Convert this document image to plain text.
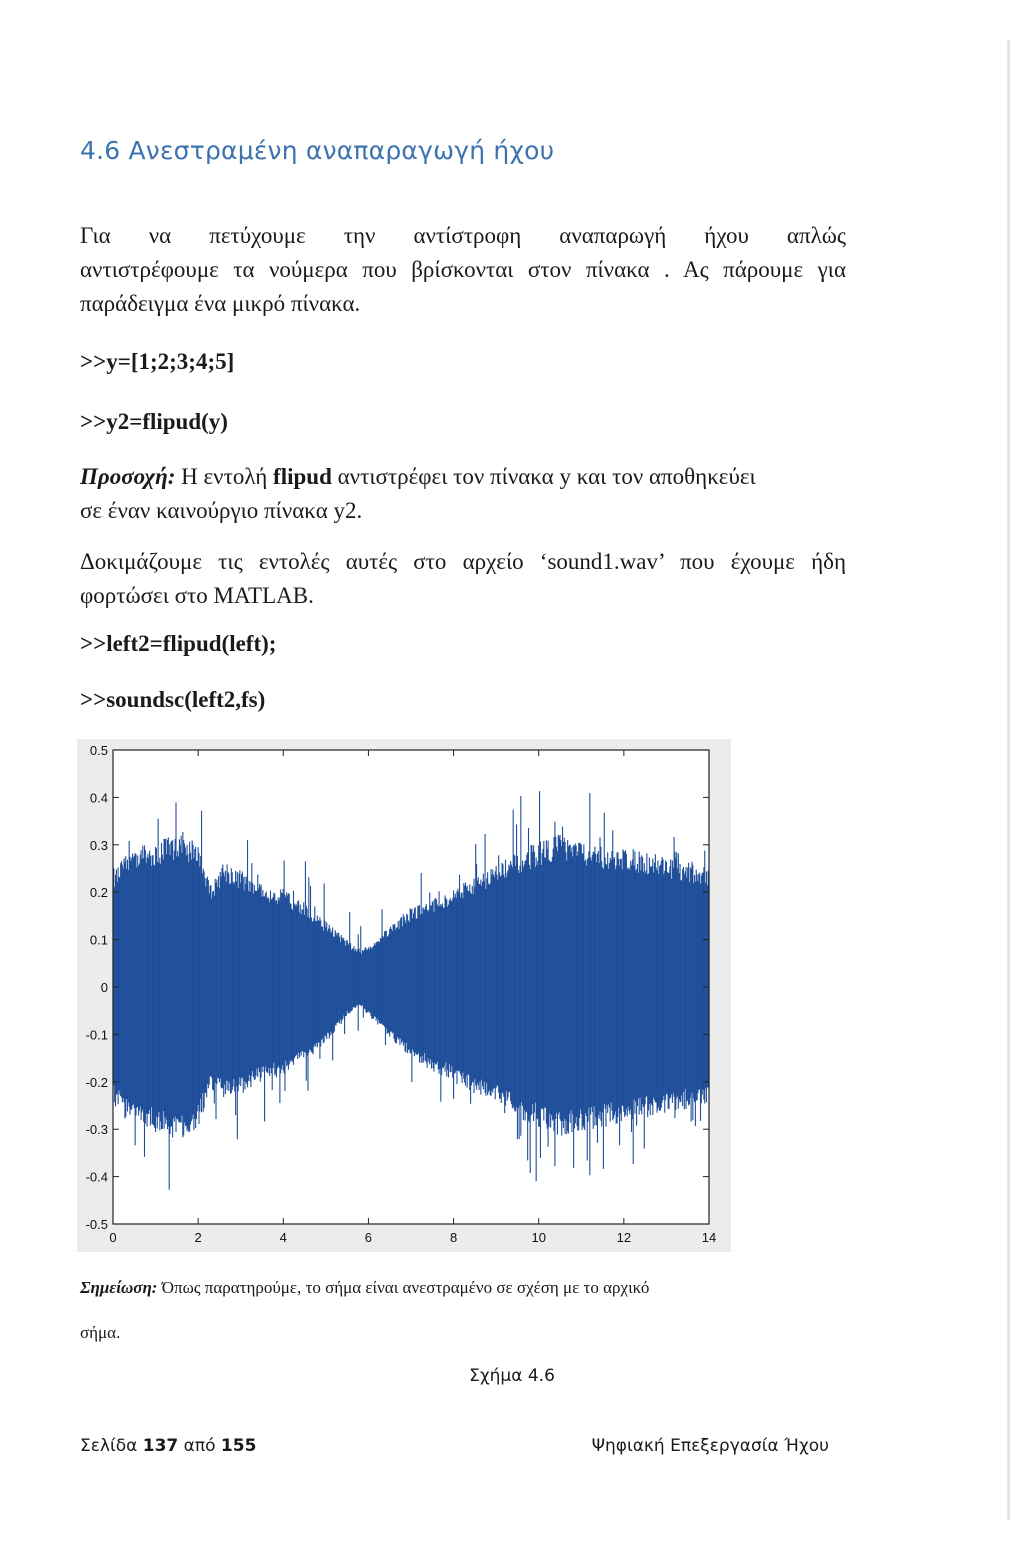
4.6 Ανεστραμένη αναπαραγωγή ήχου
Για να πετύχουμε την αντίστροφη αναπαρωγή ήχου απλώς
αντιστρέφουμε τα νούμερα που βρίσκονται στον πίνακα . Ας πάρουμε για
παράδειγμα ένα μικρό πίνακα.
>>y=[1;2;3;4;5]
>>y2=flipud(y)
Προσοχή: Η εντολή flipud αντιστρέφει τον πίνακα y και τον αποθηκεύει
σε έναν καινούργιο πίνακα y2.
Δοκιμάζουμε τις εντολές αυτές στο αρχείο ‘sound1.wav’ που έχουμε ήδη
φορτώσει στο MATLAB.
>>left2=flipud(left);
>>soundsc(left2,fs)
0.5
0.4
0.3
0.2
0.1
0
-0.1
-0.2
-0.3
-0.4
-0.5
0	2	4	6	8	10	12	14
Σημείωση: Όπως παρατηρούμε, το σήμα είναι ανεστραμένο σε σχέση με το αρχικό
σήμα.
Σχήμα 4.6
Σελίδα 137 από 155	Ψηφιακή Επεξεργασία Ήχου
